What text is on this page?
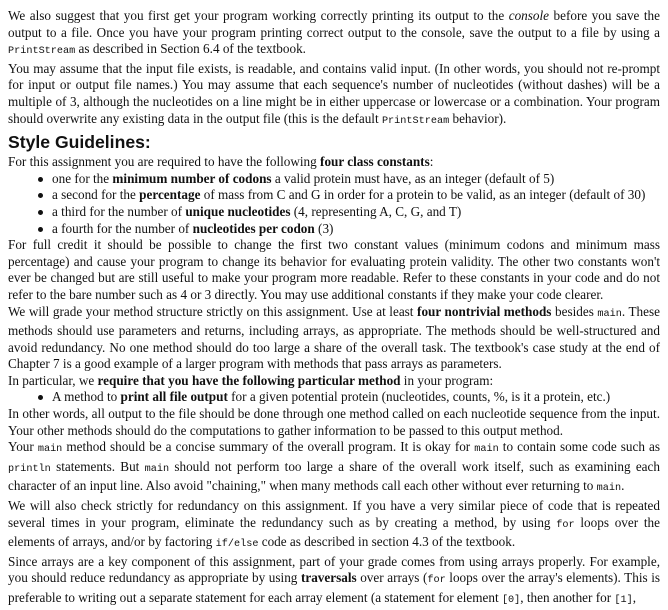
We also suggest that you first get your program working correctly printing its output to the console before you save the output to a file. Once you have your program printing correct output to the console, save the output to a file by using a PrintStream as described in Section 6.4 of the textbook.

You may assume that the input file exists, is readable, and contains valid input. (In other words, you should not re-prompt for input or output file names.) You may assume that each sequence's number of nucleotides (without dashes) will be a multiple of 3, although the nucleotides on a line might be in either uppercase or lowercase or a combination. Your program should overwrite any existing data in the output file (this is the default PrintStream behavior).

Style Guidelines:

For this assignment you are required to have the following four class constants:

one for the minimum number of codons a valid protein must have, as an integer (default of 5)
a second for the percentage of mass from C and G in order for a protein to be valid, as an integer (default of 30)
a third for the number of unique nucleotides (4, representing A, C, G, and T)
a fourth for the number of nucleotides per codon (3)

For full credit it should be possible to change the first two constant values (minimum codons and minimum mass percentage) and cause your program to change its behavior for evaluating protein validity. The other two constants won't ever be changed but are still useful to make your program more readable. Refer to these constants in your code and do not refer to the bare number such as 4 or 3 directly. You may use additional constants if they make your code clearer.

We will grade your method structure strictly on this assignment. Use at least four nontrivial methods besides main. These methods should use parameters and returns, including arrays, as appropriate. The methods should be well-structured and avoid redundancy. No one method should do too large a share of the overall task. The textbook's case study at the end of Chapter 7 is a good example of a larger program with methods that pass arrays as parameters.

In particular, we require that you have the following particular method in your program:

A method to print all file output for a given potential protein (nucleotides, counts, %, is it a protein, etc.)

In other words, all output to the file should be done through one method called on each nucleotide sequence from the input. Your other methods should do the computations to gather information to be passed to this output method.

Your main method should be a concise summary of the overall program. It is okay for main to contain some code such as println statements. But main should not perform too large a share of the overall work itself, such as examining each character of an input line. Also avoid "chaining," when many methods call each other without ever returning to main.

We will also check strictly for redundancy on this assignment. If you have a very similar piece of code that is repeated several times in your program, eliminate the redundancy such as by creating a method, by using for loops over the elements of arrays, and/or by factoring if/else code as described in section 4.3 of the textbook.

Since arrays are a key component of this assignment, part of your grade comes from using arrays properly. For example, you should reduce redundancy as appropriate by using traversals over arrays (for loops over the array's elements). This is preferable to writing out a separate statement for each array element (a statement for element [0], then another for [1],
